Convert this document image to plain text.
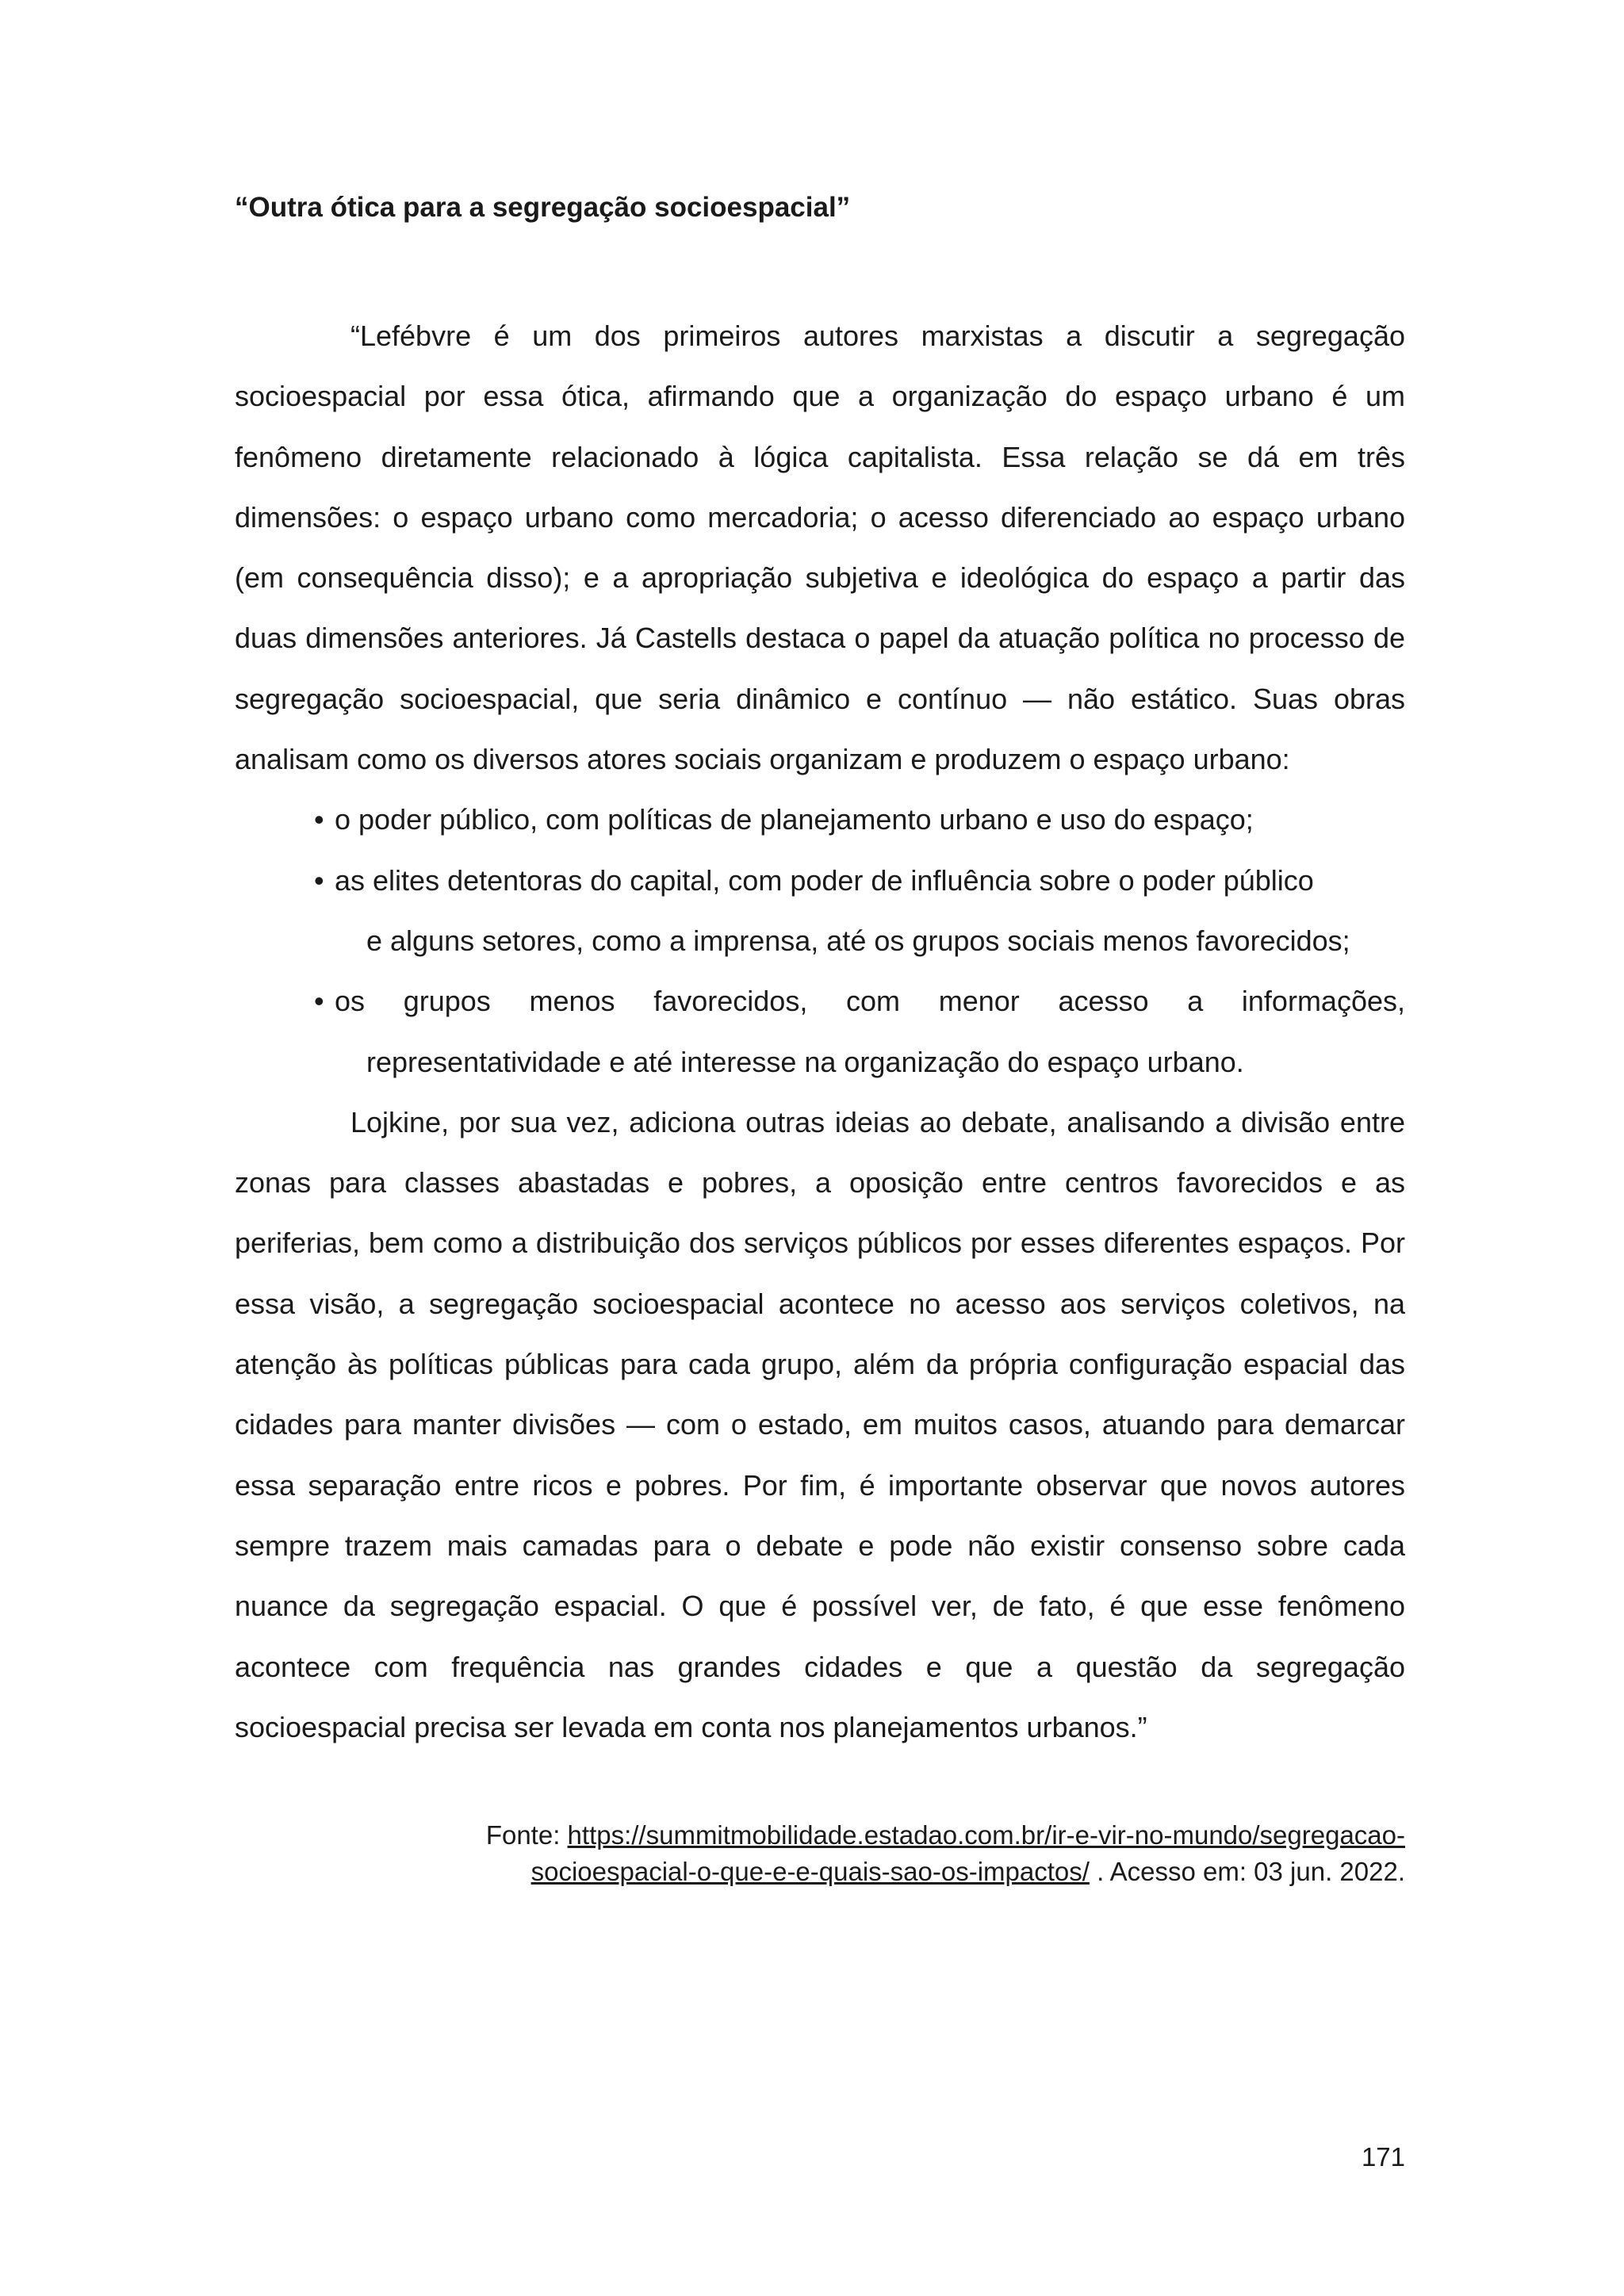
“Outra ótica para a segregação socioespacial”

“Lefébvre é um dos primeiros autores marxistas a discutir a segregação socioespacial por essa ótica, afirmando que a organização do espaço urbano é um fenômeno diretamente relacionado à lógica capitalista. Essa relação se dá em três dimensões: o espaço urbano como mercadoria; o acesso diferenciado ao espaço urbano (em consequência disso); e a apropriação subjetiva e ideológica do espaço a partir das duas dimensões anteriores. Já Castells destaca o papel da atuação política no processo de segregação socioespacial, que seria dinâmico e contínuo — não estático. Suas obras analisam como os diversos atores sociais organizam e produzem o espaço urbano:

• o poder público, com políticas de planejamento urbano e uso do espaço;
• as elites detentoras do capital, com poder de influência sobre o poder público
e alguns setores, como a imprensa, até os grupos sociais menos favorecidos;
• os grupos menos favorecidos, com menor acesso a informações,
representatividade e até interesse na organização do espaço urbano.

Lojkine, por sua vez, adiciona outras ideias ao debate, analisando a divisão entre zonas para classes abastadas e pobres, a oposição entre centros favorecidos e as periferias, bem como a distribuição dos serviços públicos por esses diferentes espaços. Por essa visão, a segregação socioespacial acontece no acesso aos serviços coletivos, na atenção às políticas públicas para cada grupo, além da própria configuração espacial das cidades para manter divisões — com o estado, em muitos casos, atuando para demarcar essa separação entre ricos e pobres. Por fim, é importante observar que novos autores sempre trazem mais camadas para o debate e pode não existir consenso sobre cada nuance da segregação espacial. O que é possível ver, de fato, é que esse fenômeno acontece com frequência nas grandes cidades e que a questão da segregação socioespacial precisa ser levada em conta nos planejamentos urbanos.”

Fonte: https://summitmobilidade.estadao.com.br/ir-e-vir-no-mundo/segregacao-
socioespacial-o-que-e-e-quais-sao-os-impactos/ . Acesso em: 03 jun. 2022.
171
